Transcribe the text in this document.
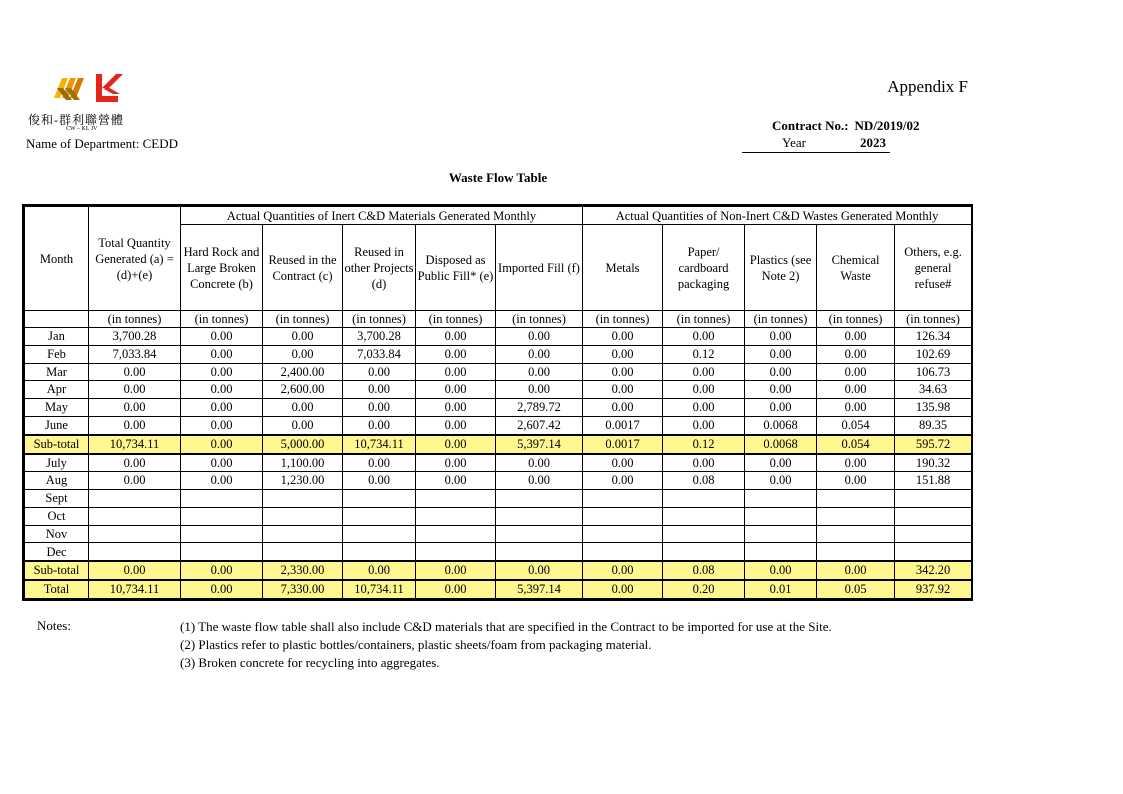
俊和-群利聯營體
CW – KL JV
Name of Department: CEDD
Appendix F
Contract No.: ND/2019/02
Year	2023
Waste Flow Table
Month	Total Quantity Generated (a) = (d)+(e)	Actual Quantities of Inert C&D Materials Generated Monthly					Actual Quantities of Non-Inert C&D Wastes Generated Monthly				
		Hard Rock and Large Broken Concrete (b)	Reused in the Contract (c)	Reused in other Projects (d)	Disposed as Public Fill* (e)	Imported Fill (f)	Metals	Paper/ cardboard packaging	Plastics (see Note 2)	Chemical Waste	Others, e.g. general refuse#
	(in tonnes)	(in tonnes)	(in tonnes)	(in tonnes)	(in tonnes)	(in tonnes)	(in tonnes)	(in tonnes)	(in tonnes)	(in tonnes)	(in tonnes)
Jan	3,700.28	0.00	0.00	3,700.28	0.00	0.00	0.00	0.00	0.00	0.00	126.34
Feb	7,033.84	0.00	0.00	7,033.84	0.00	0.00	0.00	0.12	0.00	0.00	102.69
Mar	0.00	0.00	2,400.00	0.00	0.00	0.00	0.00	0.00	0.00	0.00	106.73
Apr	0.00	0.00	2,600.00	0.00	0.00	0.00	0.00	0.00	0.00	0.00	34.63
May	0.00	0.00	0.00	0.00	0.00	2,789.72	0.00	0.00	0.00	0.00	135.98
June	0.00	0.00	0.00	0.00	0.00	2,607.42	0.0017	0.00	0.0068	0.054	89.35
Sub-total	10,734.11	0.00	5,000.00	10,734.11	0.00	5,397.14	0.0017	0.12	0.0068	0.054	595.72
July	0.00	0.00	1,100.00	0.00	0.00	0.00	0.00	0.00	0.00	0.00	190.32
Aug	0.00	0.00	1,230.00	0.00	0.00	0.00	0.00	0.08	0.00	0.00	151.88
Sept											
Oct											
Nov											
Dec											
Sub-total	0.00	0.00	2,330.00	0.00	0.00	0.00	0.00	0.08	0.00	0.00	342.20
Total	10,734.11	0.00	7,330.00	10,734.11	0.00	5,397.14	0.00	0.20	0.01	0.05	937.92
Notes:	(1) The waste flow table shall also include C&D materials that are specified in the Contract to be imported for use at the Site.
(2) Plastics refer to plastic bottles/containers, plastic sheets/foam from packaging material.
(3) Broken concrete for recycling into aggregates.
